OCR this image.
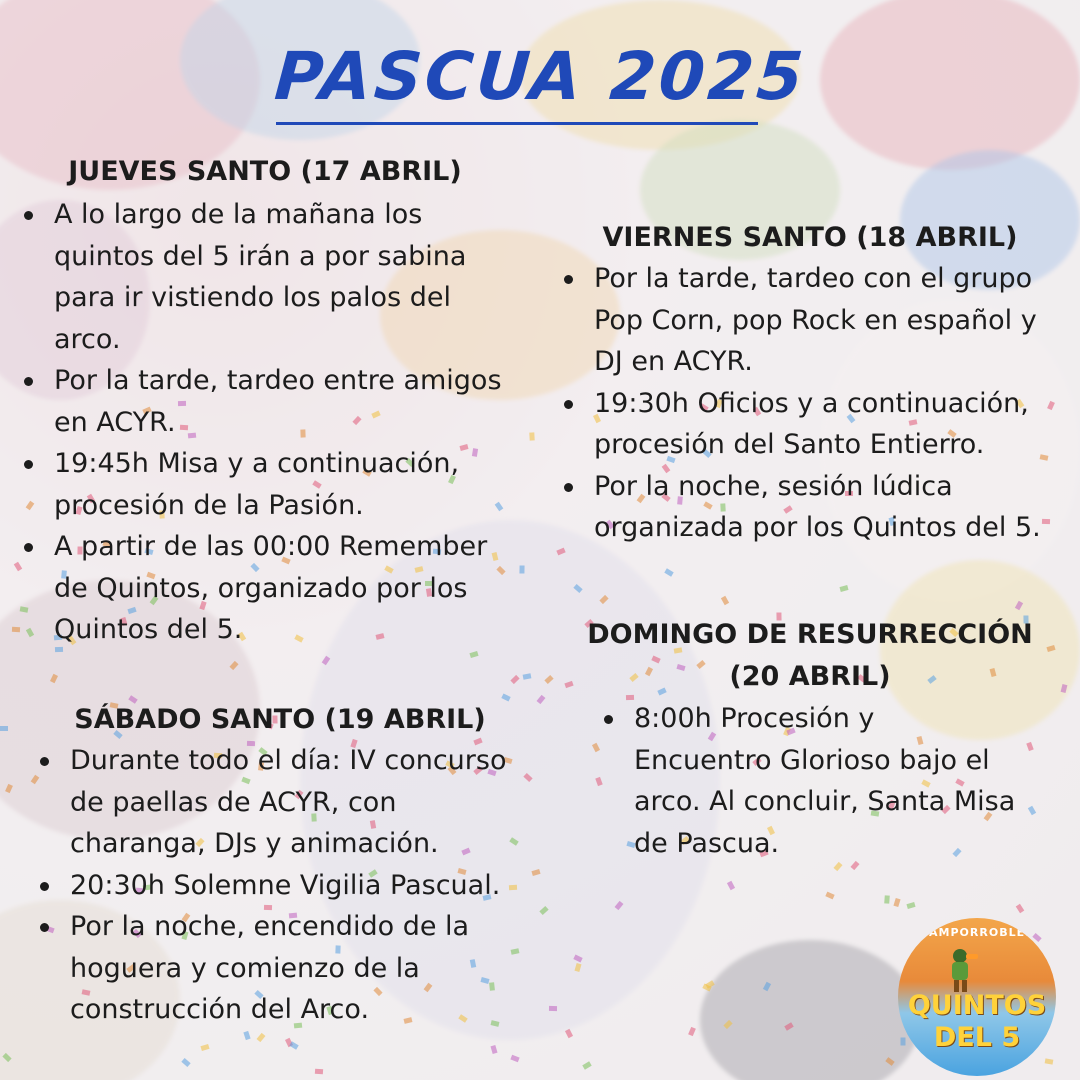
PASCUA 2025
JUEVES SANTO (17 ABRIL)
A lo largo de la mañana los
quintos del 5 irán a por sabina
para ir vistiendo los palos del
arco.
Por la tarde, tardeo entre amigos
en ACYR.
19:45h Misa y a continuación,
procesión de la Pasión.
A partir de las 00:00 Remember
de Quintos, organizado por los
Quintos del 5.
VIERNES SANTO (18 ABRIL)
Por la tarde, tardeo con el grupo
Pop Corn, pop Rock en español y
DJ en ACYR.
19:30h Oficios y a continuación,
procesión del Santo Entierro.
Por la noche, sesión lúdica
organizada por los Quintos del 5.
SÁBADO SANTO (19 ABRIL)
Durante todo el día: IV concurso
de paellas de ACYR, con
charanga, DJs y animación.
20:30h Solemne Vigilia Pascual.
Por la noche, encendido de la
hoguera y comienzo de la
construcción del Arco.
DOMINGO DE RESURRECCIÓN
(20 ABRIL)
8:00h Procesión y
Encuentro Glorioso bajo el
arco. Al concluir, Santa Misa
de Pascua.
CAMPORROBLES
QUINTOS
DEL 5
